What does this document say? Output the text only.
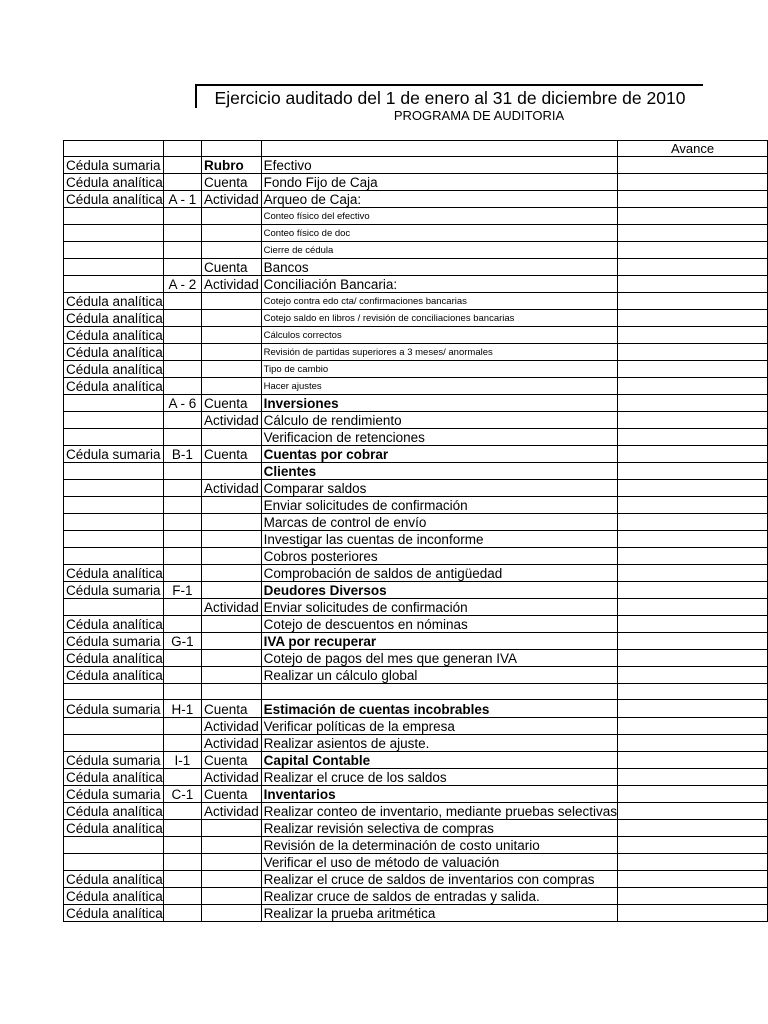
Ejercicio auditado del 1 de enero al 31 de diciembre de 2010
PROGRAMA DE AUDITORIA
				Avance
Cédula sumaria		Rubro	Efectivo	
Cédula analítica		Cuenta	Fondo Fijo de Caja	
Cédula analítica	A - 1	Actividad	Arqueo de Caja:	
			Conteo físico del efectivo	
			Conteo físico de doc	
			Cierre de cédula	
		Cuenta	Bancos	
	A - 2	Actividad	Conciliación Bancaria:	
Cédula analítica			Cotejo contra edo cta/ confirmaciones bancarias	
Cédula analítica			Cotejo saldo en libros / revisión de conciliaciones bancarias	
Cédula analítica			Cálculos correctos	
Cédula analítica			Revisión de partidas superiores a 3 meses/ anormales	
Cédula analítica			Tipo de cambio	
Cédula analítica			Hacer ajustes	
	A - 6	Cuenta	Inversiones	
		Actividad	Cálculo de rendimiento	
			Verificacion de retenciones	
Cédula sumaria	B-1	Cuenta	Cuentas por cobrar	
			Clientes	
		Actividad	Comparar saldos	
			Enviar solicitudes de confirmación	
			Marcas de control de envío	
			Investigar las cuentas de inconforme	
			Cobros posteriores	
Cédula analítica			Comprobación de saldos de antigüedad	
Cédula sumaria	F-1		Deudores Diversos	
		Actividad	Enviar solicitudes de confirmación	
Cédula analítica			Cotejo de descuentos en nóminas	
Cédula sumaria	G-1		IVA por recuperar	
Cédula analítica			Cotejo de pagos del mes que generan IVA	
Cédula analítica			Realizar un cálculo global	

Cédula sumaria	H-1	Cuenta	Estimación de cuentas incobrables	
		Actividad	Verificar políticas de la empresa	
		Actividad	Realizar asientos de ajuste.	
Cédula sumaria	I-1	Cuenta	Capital Contable	
Cédula analítica		Actividad	Realizar el cruce de los saldos	
Cédula sumaria	C-1	Cuenta	Inventarios	
Cédula analítica		Actividad	Realizar conteo de inventario, mediante pruebas selectivas	
Cédula analítica			Realizar revisión selectiva de compras	
			Revisión de la determinación de costo unitario	
			Verificar el uso de método de valuación	
Cédula analítica			Realizar el cruce de saldos de inventarios con compras	
Cédula analítica			Realizar cruce de saldos de entradas y salida.	
Cédula analítica			Realizar la prueba aritmética	
